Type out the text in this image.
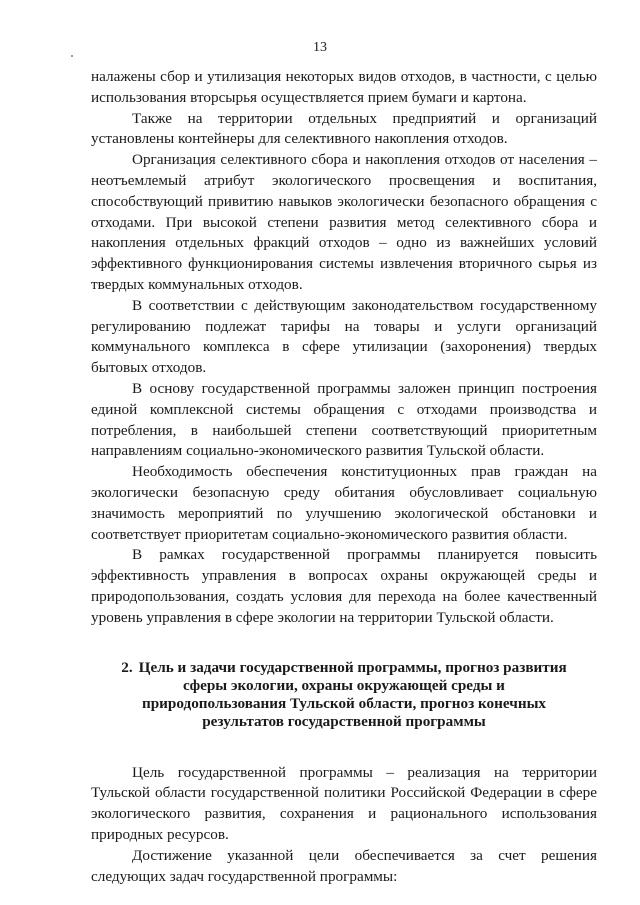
13

налажены сбор и утилизация некоторых видов отходов, в частности, с целью использования вторсырья осуществляется прием бумаги и картона.

Также на территории отдельных предприятий и организаций установлены контейнеры для селективного накопления отходов.

Организация селективного сбора и накопления отходов от населения – неотъемлемый атрибут экологического просвещения и воспитания, способствующий привитию навыков экологически безопасного обращения с отходами. При высокой степени развития метод селективного сбора и накопления отдельных фракций отходов – одно из важнейших условий эффективного функционирования системы извлечения вторичного сырья из твердых коммунальных отходов.

В соответствии с действующим законодательством государственному регулированию подлежат тарифы на товары и услуги организаций коммунального комплекса в сфере утилизации (захоронения) твердых бытовых отходов.

В основу государственной программы заложен принцип построения единой комплексной системы обращения с отходами производства и потребления, в наибольшей степени соответствующий приоритетным направлениям социально-экономического развития Тульской области.

Необходимость обеспечения конституционных прав граждан на экологически безопасную среду обитания обусловливает социальную значимость мероприятий по улучшению экологической обстановки и соответствует приоритетам социально-экономического развития области.

В рамках государственной программы планируется повысить эффективность управления в вопросах охраны окружающей среды и природопользования, создать условия для перехода на более качественный уровень управления в сфере экологии на территории Тульской области.

2. Цель и задачи государственной программы, прогноз развития
сферы экологии, охраны окружающей среды и
природопользования Тульской области, прогноз конечных
результатов государственной программы

Цель государственной программы – реализация на территории Тульской области государственной политики Российской Федерации в сфере экологического развития, сохранения и рационального использования природных ресурсов.

Достижение указанной цели обеспечивается за счет решения следующих задач государственной программы:
